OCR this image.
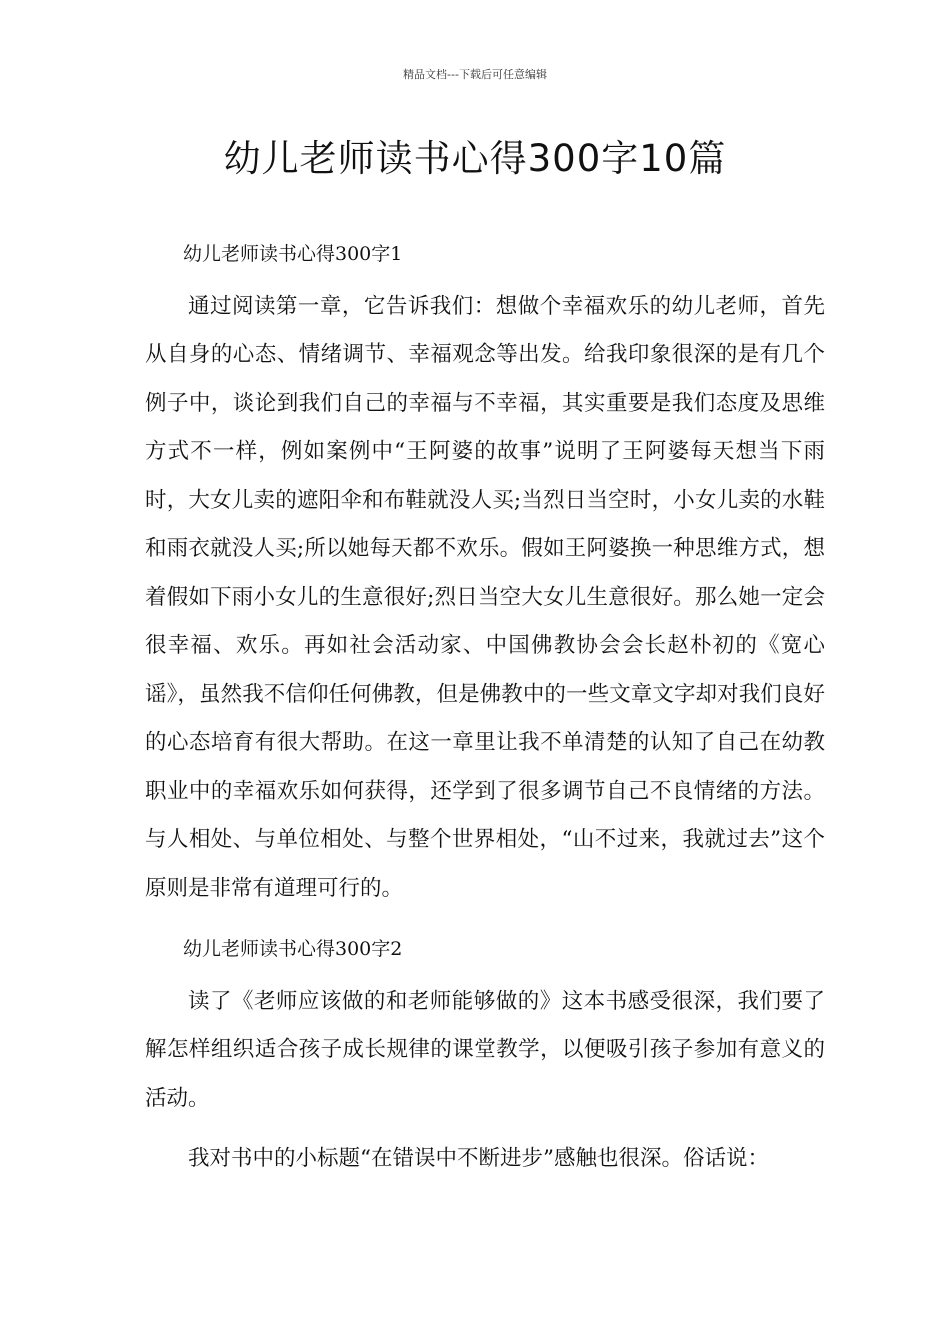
精品文档---下载后可任意编辑
幼儿老师读书心得300字10篇

幼儿老师读书心得300字1

通过阅读第一章，它告诉我们：想做个幸福欢乐的幼儿老师，首先从自身的心态、情绪调节、幸福观念等出发。给我印象很深的是有几个例子中，谈论到我们自己的幸福与不幸福，其实重要是我们态度及思维方式不一样，例如案例中“王阿婆的故事”说明了王阿婆每天想当下雨时，大女儿卖的遮阳伞和布鞋就没人买;当烈日当空时，小女儿卖的水鞋和雨衣就没人买;所以她每天都不欢乐。假如王阿婆换一种思维方式，想着假如下雨小女儿的生意很好;烈日当空大女儿生意很好。那么她一定会很幸福、欢乐。再如社会活动家、中国佛教协会会长赵朴初的《宽心谣》，虽然我不信仰任何佛教，但是佛教中的一些文章文字却对我们良好的心态培育有很大帮助。在这一章里让我不单清楚的认知了自己在幼教职业中的幸福欢乐如何获得，还学到了很多调节自己不良情绪的方法。与人相处、与单位相处、与整个世界相处，“山不过来，我就过去”这个原则是非常有道理可行的。

幼儿老师读书心得300字2

读了《老师应该做的和老师能够做的》这本书感受很深，我们要了解怎样组织适合孩子成长规律的课堂教学，以便吸引孩子参加有意义的活动。

我对书中的小标题“在错误中不断进步”感触也很深。俗话说：
